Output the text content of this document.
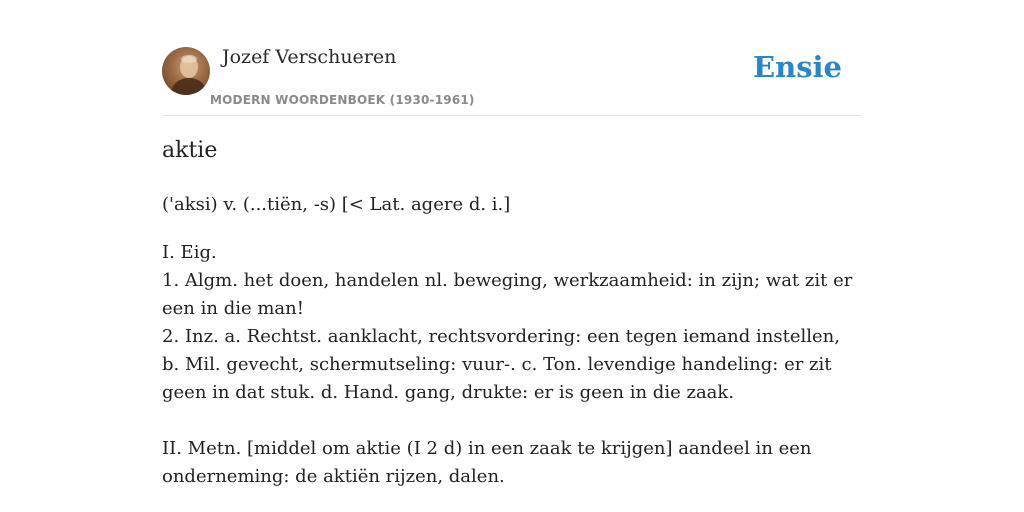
Jozef Verschueren
MODERN WOORDENBOEK (1930-1961)
Ensie
aktie
('aksi) v. (...tiën, -s) [< Lat. agere d. i.]

I. Eig.

1. Algm. het doen, handelen nl. beweging, werkzaamheid: in zijn; wat zit er een in die man!

2. Inz. a. Rechtst. aanklacht, rechtsvordering: een tegen iemand instellen, b. Mil. gevecht, schermutseling: vuur-. c. Ton. levendige handeling: er zit geen in dat stuk. d. Hand. gang, drukte: er is geen in die zaak.

II. Metn. [middel om aktie (I 2 d) in een zaak te krijgen] aandeel in een onderneming: de aktiën rijzen, dalen.
